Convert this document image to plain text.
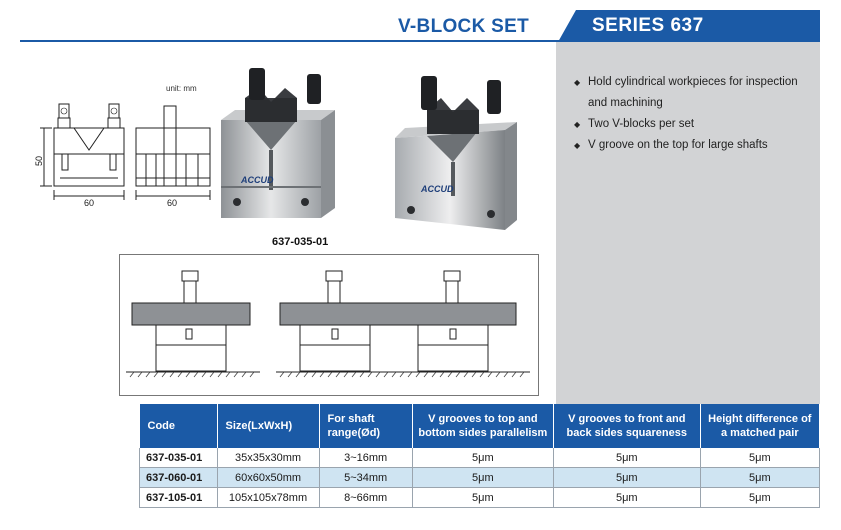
V-BLOCK SET	SERIES 637
◆ Hold cylindrical workpieces for inspection and machining
◆ Two V-blocks per set
◆ V groove on the top for large shafts
unit: mm
50
60	60
ACCUD
ACCUD
637-035-01
Code	Size(LxWxH)	For shaft range(Ød)	V grooves to top and bottom sides parallelism	V grooves to front and back sides squareness	Height difference of a matched pair
637-035-01	35x35x30mm	3~16mm	5μm	5μm	5μm
637-060-01	60x60x50mm	5~34mm	5μm	5μm	5μm
637-105-01	105x105x78mm	8~66mm	5μm	5μm	5μm
